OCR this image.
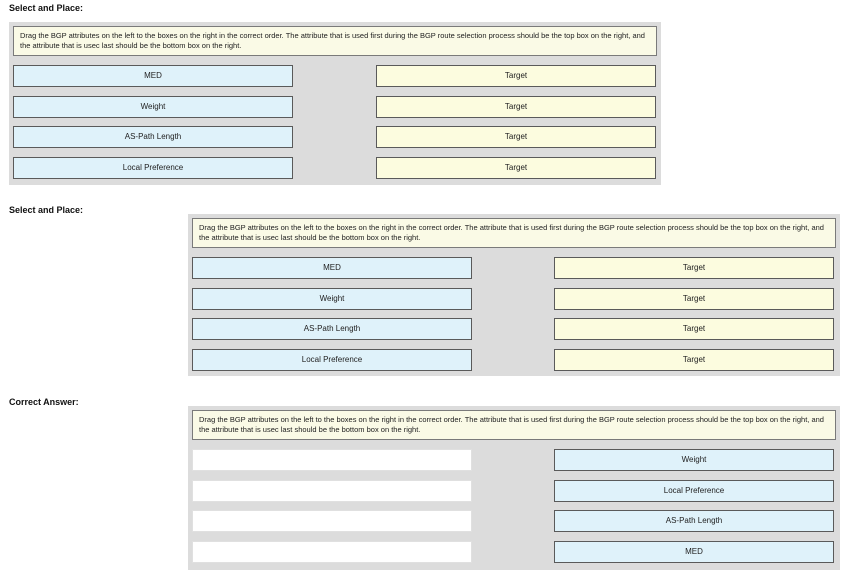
Select and Place:
Drag the BGP attributes on the left to the boxes on the right in the correct order. The attribute that is used first during the BGP route selection process should be the top box on the right, and the attribute that is usec last should be the bottom box on the right.
MED
Weight
AS-Path Length
Local Preference
Target
Target
Target
Target
Select and Place:
Drag the BGP attributes on the left to the boxes on the right in the correct order. The attribute that is used first during the BGP route selection process should be the top box on the right, and the attribute that is usec last should be the bottom box on the right.
MED
Weight
AS-Path Length
Local Preference
Target
Target
Target
Target
Correct Answer:
Drag the BGP attributes on the left to the boxes on the right in the correct order. The attribute that is used first during the BGP route selection process should be the top box on the right, and the attribute that is usec last should be the bottom box on the right.
Weight
Local Preference
AS-Path Length
MED
